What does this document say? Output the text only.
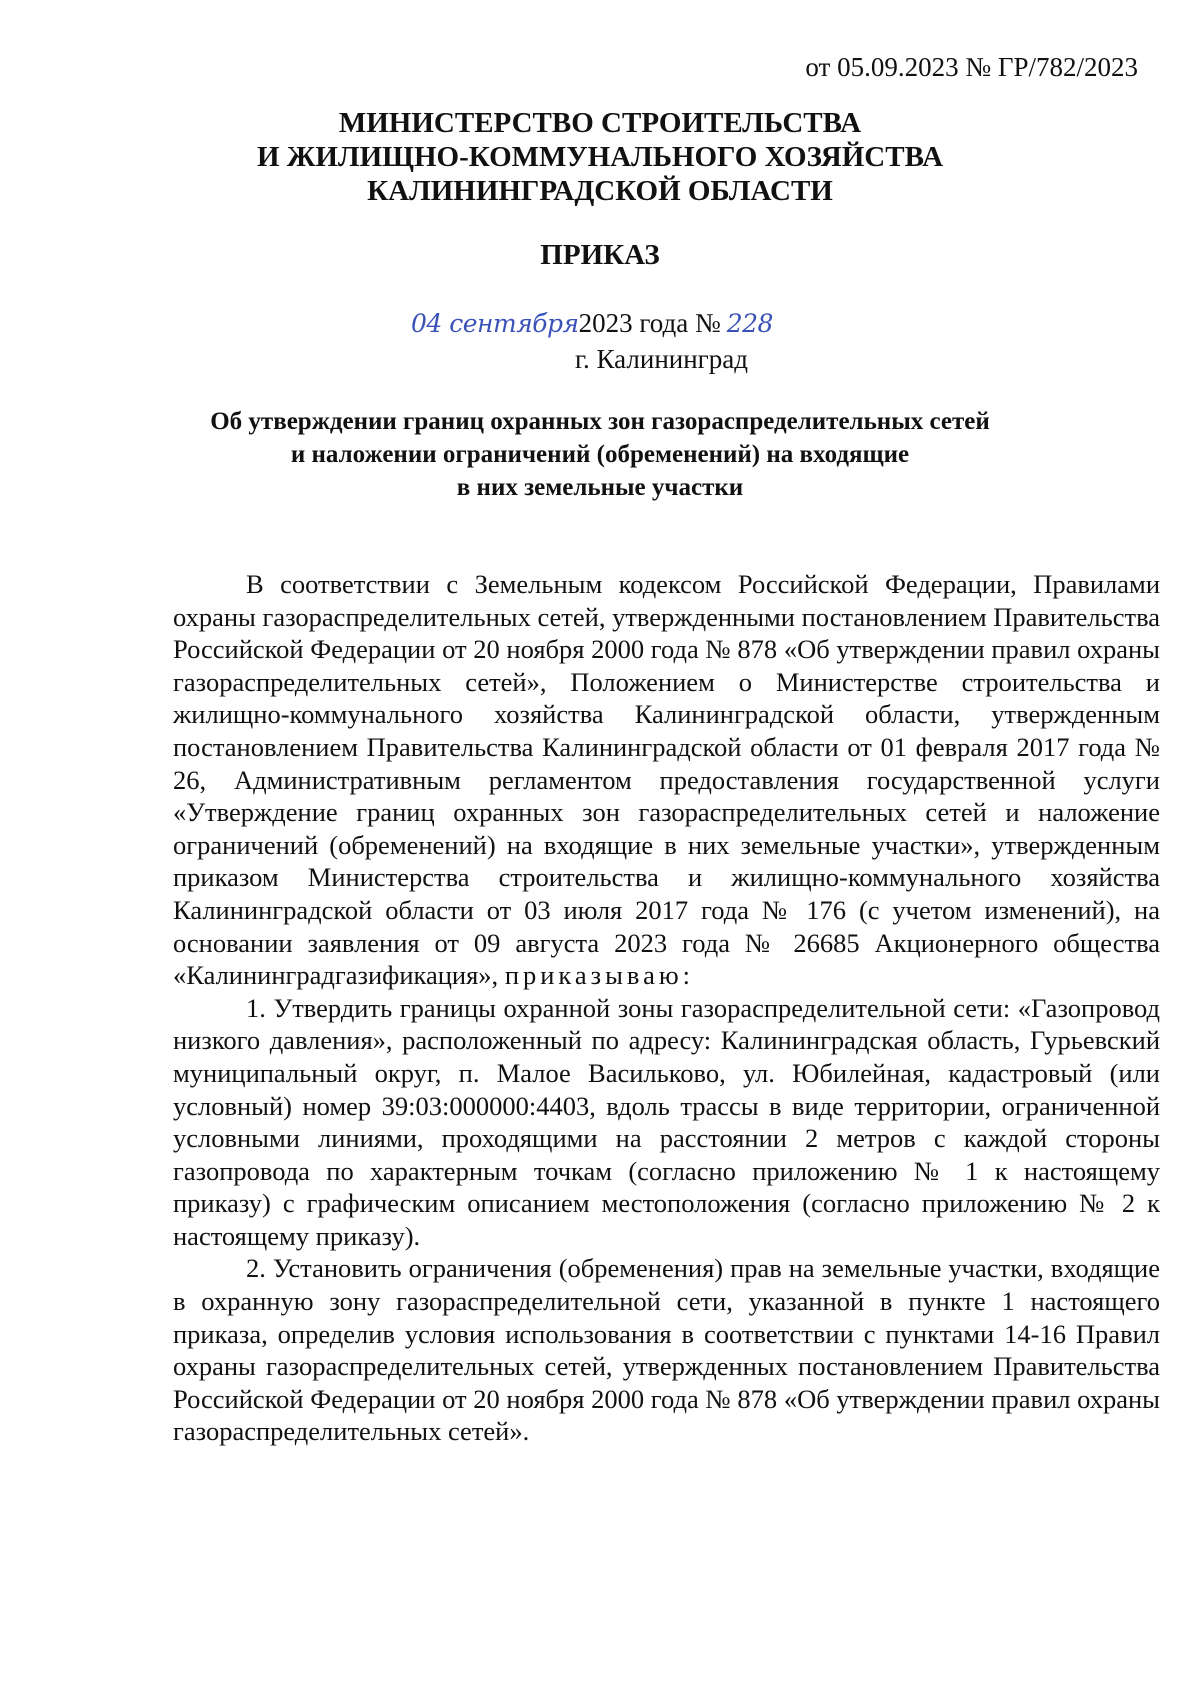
от 05.09.2023 № ГР/782/2023
МИНИСТЕРСТВО СТРОИТЕЛЬСТВА
И ЖИЛИЩНО-КОММУНАЛЬНОГО ХОЗЯЙСТВА
КАЛИНИНГРАДСКОЙ ОБЛАСТИ
ПРИКАЗ
04 сентября2023 года № 228
г. Калининград
Об утверждении границ охранных зон газораспределительных сетей
и наложении ограничений (обременений) на входящие
в них земельные участки

В соответствии с Земельным кодексом Российской Федерации, Правилами охраны газораспределительных сетей, утвержденными постановлением Правительства Российской Федерации от 20 ноября 2000 года № 878 «Об утверждении правил охраны газораспределительных сетей», Положением о Министерстве строительства и жилищно-коммунального хозяйства Калининградской области, утвержденным постановлением Правительства Калининградской области от 01 февраля 2017 года № 26, Административным регламентом предоставления государственной услуги «Утверждение границ охранных зон газораспределительных сетей и наложение ограничений (обременений) на входящие в них земельные участки», утвержденным приказом Министерства строительства и жилищно-коммунального хозяйства Калининградской области от 03 июля 2017 года № 176 (с учетом изменений), на основании заявления от 09 августа 2023 года № 26685 Акционерного общества «Калининградгазификация», приказываю:

1. Утвердить границы охранной зоны газораспределительной сети: «Газопровод низкого давления», расположенный по адресу: Калининградская область, Гурьевский муниципальный округ, п. Малое Васильково, ул. Юбилейная, кадастровый (или условный) номер 39:03:000000:4403, вдоль трассы в виде территории, ограниченной условными линиями, проходящими на расстоянии 2 метров с каждой стороны газопровода по характерным точкам (согласно приложению № 1 к настоящему приказу) с графическим описанием местоположения (согласно приложению № 2 к настоящему приказу).

2. Установить ограничения (обременения) прав на земельные участки, входящие в охранную зону газораспределительной сети, указанной в пункте 1 настоящего приказа, определив условия использования в соответствии с пунктами 14-16 Правил охраны газораспределительных сетей, утвержденных постановлением Правительства Российской Федерации от 20 ноября 2000 года № 878 «Об утверждении правил охраны газораспределительных сетей».
